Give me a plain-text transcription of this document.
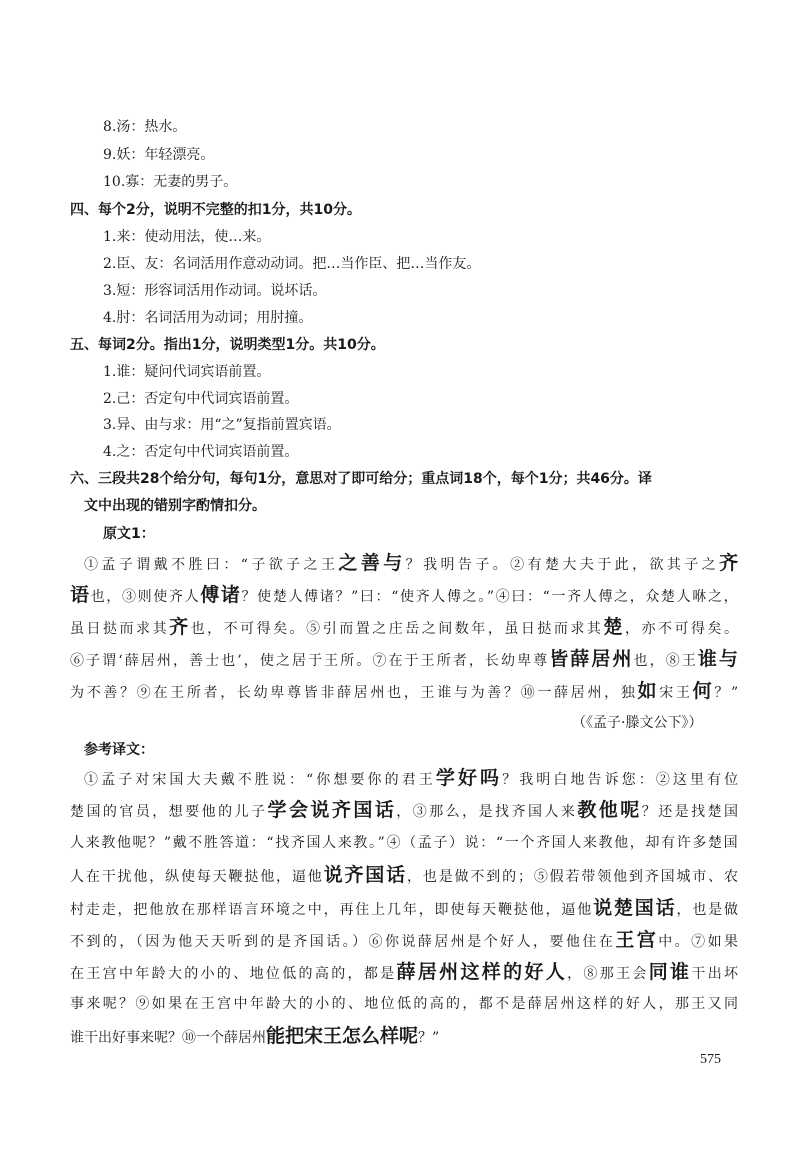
8.汤：热水。
9.妖：年轻漂亮。
10.寡：无妻的男子。
四、每个2分，说明不完整的扣1分，共10分。
1.来：使动用法，使…来。
2.臣、友：名词活用作意动动词。把…当作臣、把…当作友。
3.短：形容词活用作动词。说坏话。
4.肘：名词活用为动词；用肘撞。
五、每词2分。指出1分，说明类型1分。共10分。
1.谁：疑问代词宾语前置。
2.己：否定句中代词宾语前置。
3.异、由与求：用“之”复指前置宾语。
4.之：否定句中代词宾语前置。
六、三段共28个给分句，每句1分，意思对了即可给分；重点词18个，每个1分；共46分。译
文中出现的错别字酌情扣分。
原文1：
①孟子谓戴不胜曰：“子欲子之王之善与？我明告子。②有楚大夫于此，欲其子之齐
语也，③则使齐人傅诸？使楚人傅诸？”曰：“使齐人傅之。”④曰：“一齐人傅之，众楚人咻之，
虽日挞而求其齐也，不可得矣。⑤引而置之庄岳之间数年，虽日挞而求其楚，亦不可得矣。
⑥子谓‘薛居州，善士也’，使之居于王所。⑦在于王所者，长幼卑尊皆薛居州也，⑧王谁与
为不善？⑨在王所者，长幼卑尊皆非薛居州也，王谁与为善？⑩一薛居州，独如宋王何？”
（《孟子·滕文公下》）
参考译文：
①孟子对宋国大夫戴不胜说：“你想要你的君王学好吗？我明白地告诉您：②这里有位
楚国的官员，想要他的儿子学会说齐国话，③那么，是找齐国人来教他呢？还是找楚国
人来教他呢？”戴不胜答道：“找齐国人来教。”④（孟子）说：“一个齐国人来教他，却有许多楚国
人在干扰他，纵使每天鞭挞他，逼他说齐国话，也是做不到的；⑤假若带领他到齐国城市、农
村走走，把他放在那样语言环境之中，再住上几年，即使每天鞭挞他，逼他说楚国话，也是做
不到的，（因为他天天听到的是齐国话。）⑥你说薛居州是个好人，要他住在王宫中。⑦如果
在王宫中年龄大的小的、地位低的高的，都是薛居州这样的好人，⑧那王会同谁干出坏
事来呢？⑨如果在王宫中年龄大的小的、地位低的高的，都不是薛居州这样的好人，那王又同
谁干出好事来呢？⑩一个薛居州能把宋王怎么样呢？”
575
